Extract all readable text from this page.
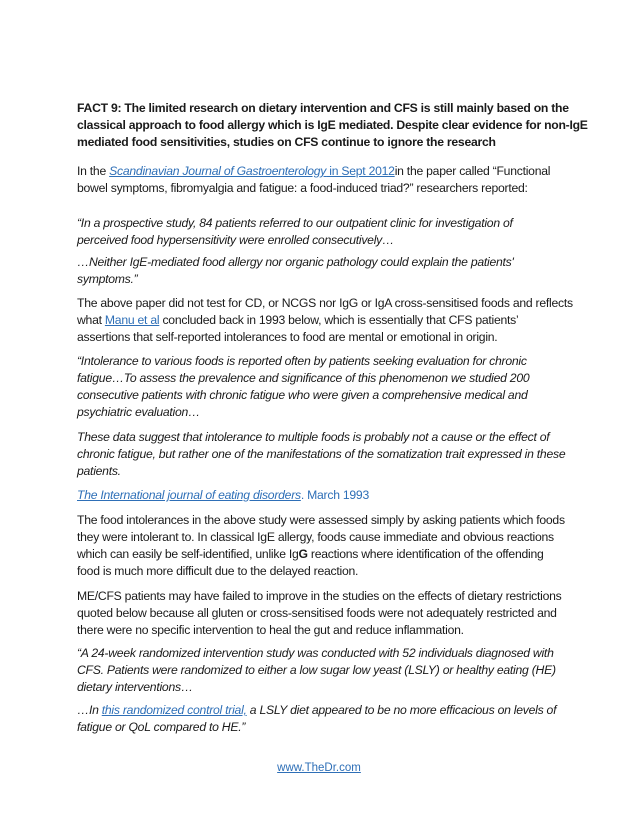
FACT 9: The limited research on dietary intervention and CFS is still mainly based on the
classical approach to food allergy which is IgE mediated. Despite clear evidence for non-IgE
mediated food sensitivities, studies on CFS continue to ignore the research
In the Scandinavian Journal of Gastroenterology in Sept 2012in the paper called “Functional
bowel symptoms, fibromyalgia and fatigue: a food-induced triad?” researchers reported:
“In a prospective study, 84 patients referred to our outpatient clinic for investigation of
perceived food hypersensitivity were enrolled consecutively…
…Neither IgE-mediated food allergy nor organic pathology could explain the patients'
symptoms.”
The above paper did not test for CD, or NCGS nor IgG or IgA cross-sensitised foods and reflects
what Manu et al concluded back in 1993 below, which is essentially that CFS patients’
assertions that self-reported intolerances to food are mental or emotional in origin.
“Intolerance to various foods is reported often by patients seeking evaluation for chronic
fatigue…To assess the prevalence and significance of this phenomenon we studied 200
consecutive patients with chronic fatigue who were given a comprehensive medical and
psychiatric evaluation…
These data suggest that intolerance to multiple foods is probably not a cause or the effect of
chronic fatigue, but rather one of the manifestations of the somatization trait expressed in these
patients.
The International journal of eating disorders. March 1993
The food intolerances in the above study were assessed simply by asking patients which foods
they were intolerant to. In classical IgE allergy, foods cause immediate and obvious reactions
which can easily be self-identified, unlike IgG reactions where identification of the offending
food is much more difficult due to the delayed reaction.
ME/CFS patients may have failed to improve in the studies on the effects of dietary restrictions
quoted below because all gluten or cross-sensitised foods were not adequately restricted and
there were no specific intervention to heal the gut and reduce inflammation.
“A 24-week randomized intervention study was conducted with 52 individuals diagnosed with
CFS. Patients were randomized to either a low sugar low yeast (LSLY) or healthy eating (HE)
dietary interventions…
…In this randomized control trial, a LSLY diet appeared to be no more efficacious on levels of
fatigue or QoL compared to HE.”
www.TheDr.com
